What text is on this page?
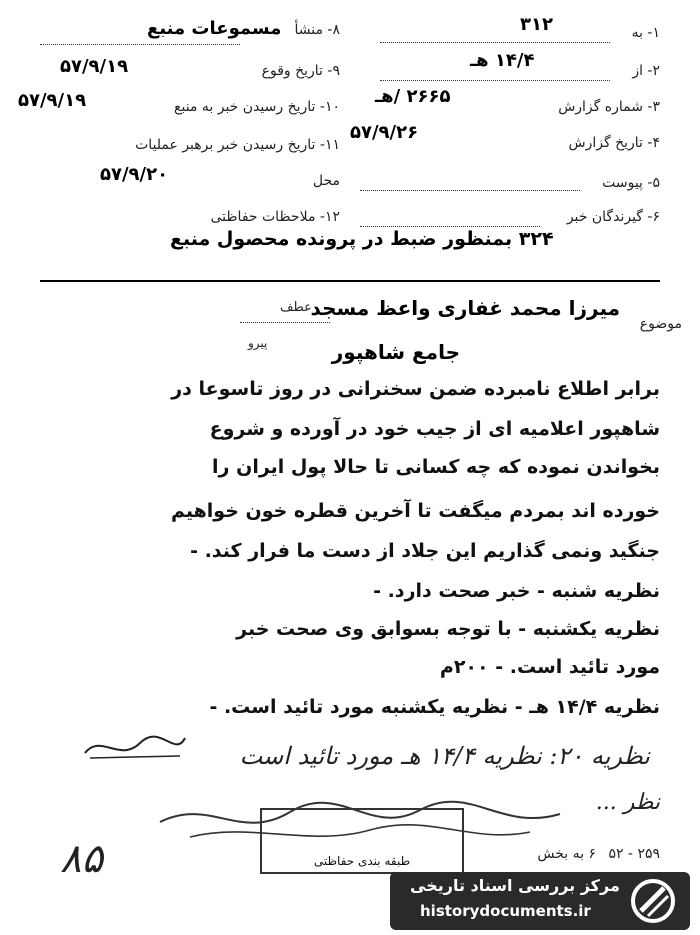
۱- به
۳۱۲
۲- از
۱۴/۴ هـ
۳- شماره گزارش
۲۶۶۵ /هـ
۴- تاریخ گزارش
۵۷/۹/۲۶
۵- پیوست
۶- گیرندگان خبر
۸- منشأ مسموعات منبع
۹- تاریخ وقوع
۵۷/۹/۱۹
۱۰- تاریخ رسیدن خبر به منبع
۵۷/۹/۱۹
۱۱- تاریخ رسیدن خبر برهبر عملیات
محل
۵۷/۹/۲۰
۱۲- ملاحظات حفاظتی
۳۲۴ بمنظور ضبط در پرونده محصول منبع
موضوع
میرزا محمد غفاری واعظ مسجد
عطف
پیرو	جامع شاهپور
برابر اطلاع نامبرده ضمن سخنرانی در روز تاسوعا در
شاهپور اعلامیه ای از جیب خود در آورده و شروع
بخواندن نموده که چه کسانی تا حالا پول ایران را
خورده اند بمردم میگفت تا آخرین قطره خون خواهیم
جنگید ونمی گذاریم این جلاد از دست ما فرار کند. -
نظریه شنبه - خبر صحت دارد. -
نظریه یکشنبه - با توجه بسوابق وی صحت خبر
مورد تائید است. - ۲۰۰م
نظریه ۱۴/۴ هـ - نظریه یکشنبه مورد تائید است. -
نظریه ۲۰: نظریه ۱۴/۴ هـ مورد تائید است
نظر ...
طبقه بندی حفاظتی	۲۵۹ - ۵۲ ۶ به بخش
۸۵
مرکز بررسی اسناد تاریخی
historydocuments.ir
